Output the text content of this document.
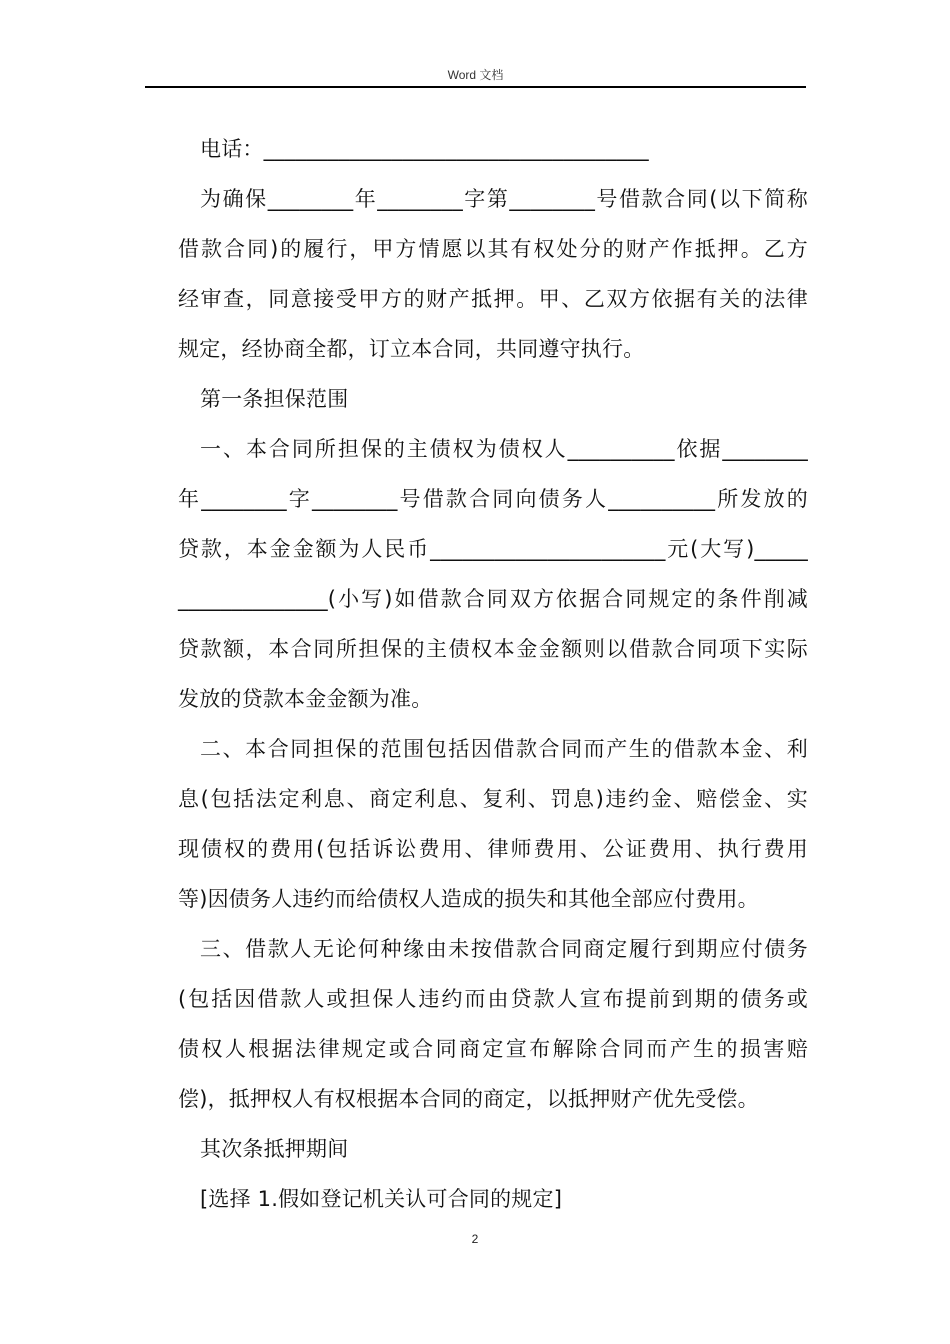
Word 文档
电话：____________________________________
为确保________年________字第________号借款合同(以下简称
借款合同)的履行，甲方情愿以其有权处分的财产作抵押。乙方
经审查，同意接受甲方的财产抵押。甲、乙双方依据有关的法律
规定，经协商全都，订立本合同，共同遵守执行。
第一条担保范围
一、本合同所担保的主债权为债权人__________依据________
年________字________号借款合同向债务人__________所发放的
贷款，本金金额为人民币______________________元(大写)_____
______________(小写)如借款合同双方依据合同规定的条件削减
贷款额，本合同所担保的主债权本金金额则以借款合同项下实际
发放的贷款本金金额为准。
二、本合同担保的范围包括因借款合同而产生的借款本金、利
息(包括法定利息、商定利息、复利、罚息)违约金、赔偿金、实
现债权的费用(包括诉讼费用、律师费用、公证费用、执行费用
等)因债务人违约而给债权人造成的损失和其他全部应付费用。
三、借款人无论何种缘由未按借款合同商定履行到期应付债务
(包括因借款人或担保人违约而由贷款人宣布提前到期的债务或
债权人根据法律规定或合同商定宣布解除合同而产生的损害赔
偿)，抵押权人有权根据本合同的商定，以抵押财产优先受偿。
其次条抵押期间
[选择 1.假如登记机关认可合同的规定]
2
